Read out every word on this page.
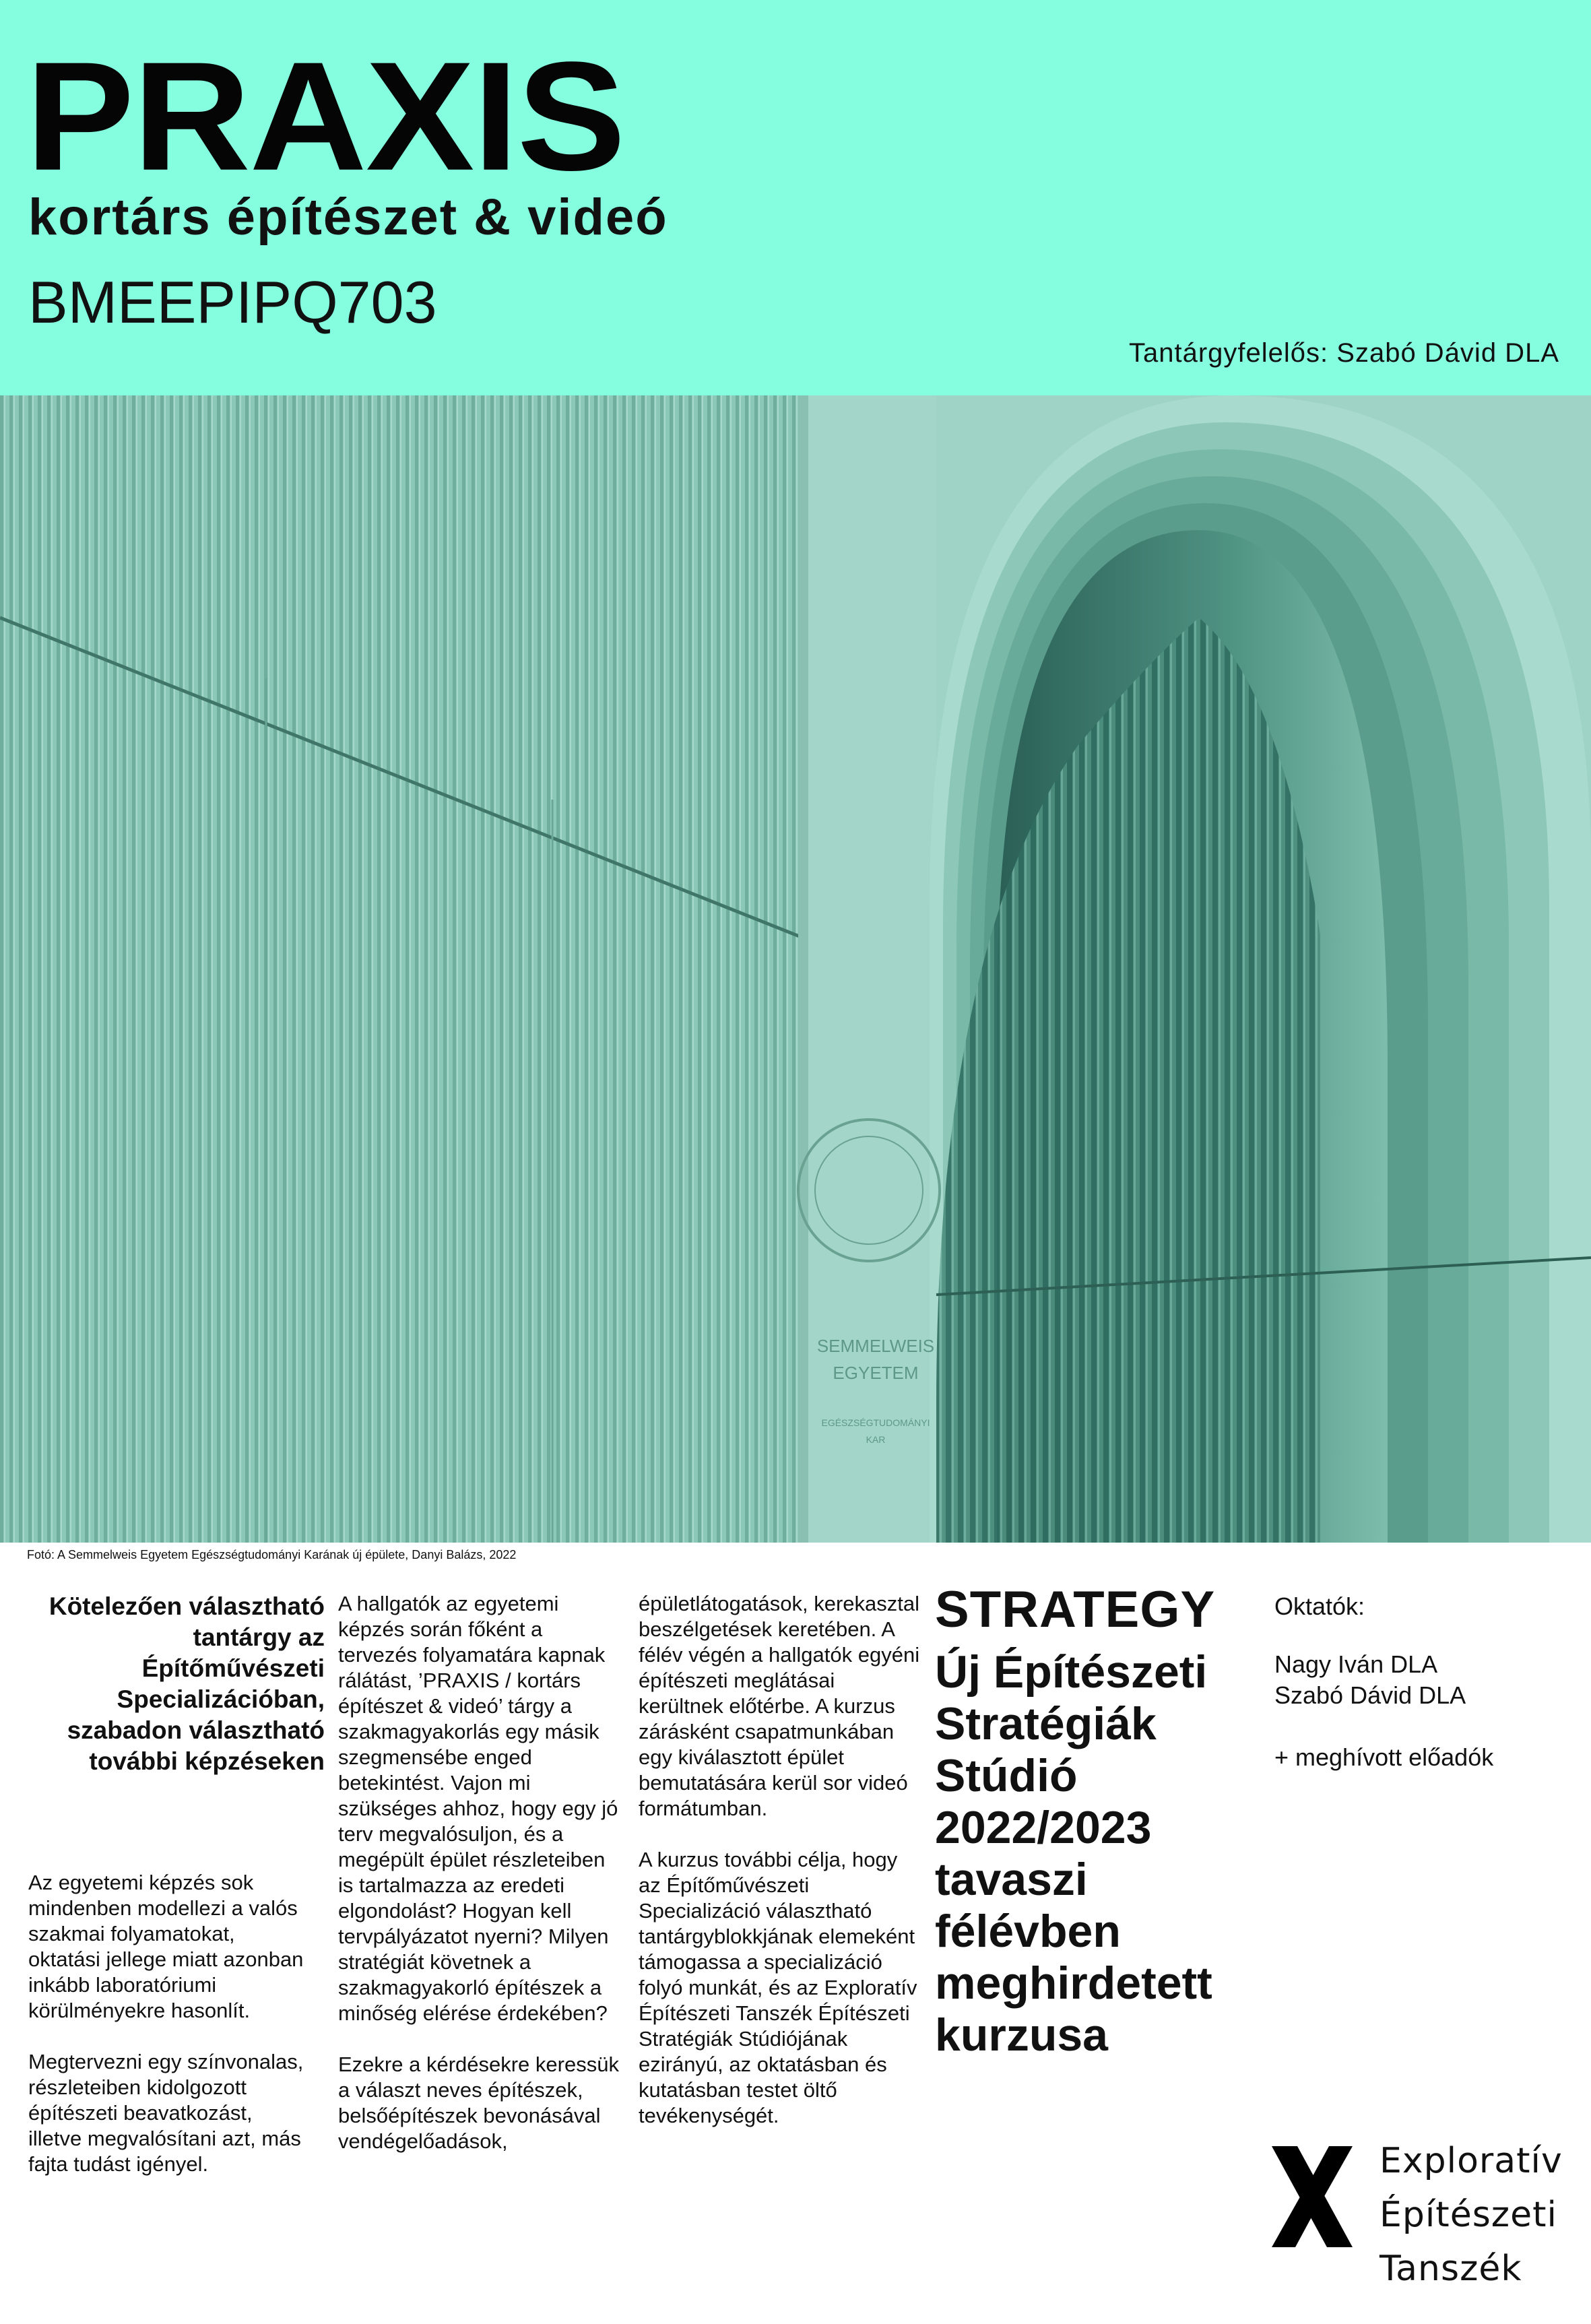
PRAXIS
kortárs építészet & videó
BMEEPIPQ703
Tantárgyfelelős: Szabó Dávid DLA
SEMMELWEIS
EGYETEM
EGÉSZSÉGTUDOMÁNYI
KAR
Fotó: A Semmelweis Egyetem Egészségtudományi Karának új épülete, Danyi Balázs, 2022
Kötelezően választható tantárgy az Építőművészeti Specializációban, szabadon választható további képzéseken

Az egyetemi képzés sok mindenben modellezi a valós szakmai folyamatokat, oktatási jellege miatt azonban inkább laboratóriumi körülményekre hasonlít.

Megtervezni egy színvonalas, részleteiben kidolgozott építészeti beavatkozást, illetve megvalósítani azt, más fajta tudást igényel.

A hallgatók az egyetemi képzés során főként a tervezés folyamatára kapnak rálátást, ’PRAXIS / kortárs építészet & videó’ tárgy a szakmagyakorlás egy másik szegmensébe enged betekintést. Vajon mi szükséges ahhoz, hogy egy jó terv megvalósuljon, és a megépült épület részleteiben is tartalmazza az eredeti elgondolást? Hogyan kell tervpályázatot nyerni? Milyen stratégiát követnek a szakmagyakorló építészek a minőség elérése érdekében?

Ezekre a kérdésekre keressük a választ neves építészek, belsőépítészek bevonásával vendégelőadások,

épületlátogatások, kerekasztal beszélgetések keretében. A félév végén a hallgatók egyéni építészeti meglátásai kerültnek előtérbe. A kurzus zárásként csapatmunkában egy kiválasztott épület bemutatására kerül sor videó formátumban.

A kurzus további célja, hogy az Építőművészeti Specializáció választható tantárgyblokkjának elemeként támogassa a specializáció folyó munkát, és az Exploratív Építészeti Tanszék Építészeti Stratégiák Stúdiójának ezirányú, az oktatásban és kutatásban testet öltő tevékenységét.

STRATEGY
Új Építészeti
Stratégiák
Stúdió
2022/2023
tavaszi
félévben
meghirdetett
kurzusa

Oktatók:

Nagy Iván DLA

Szabó Dávid DLA

+ meghívott előadók

Exploratív
Építészeti
Tanszék
